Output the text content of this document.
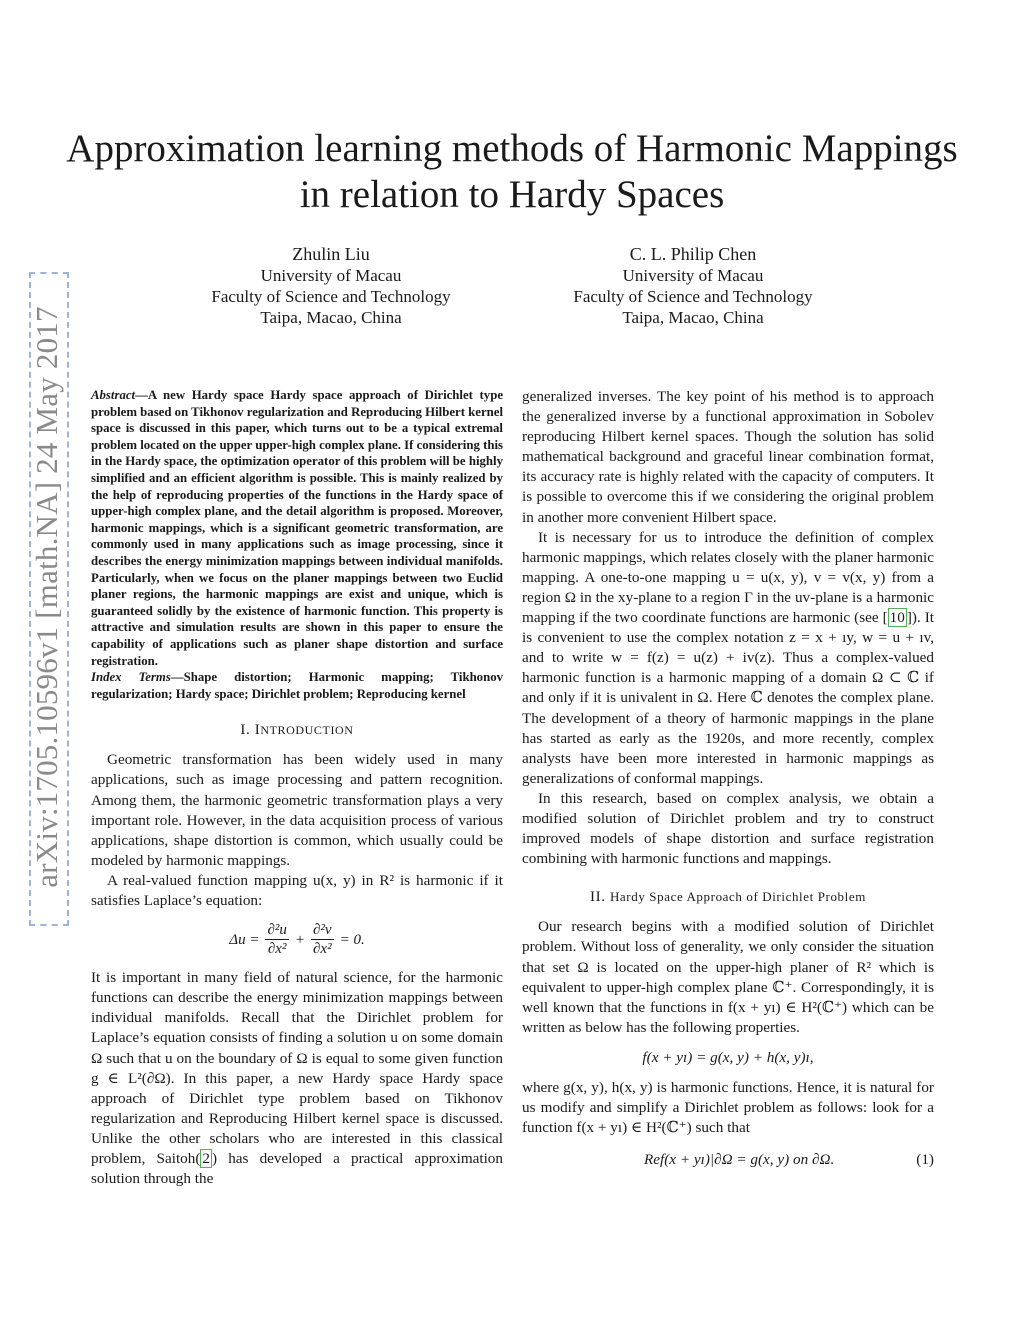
Approximation learning methods of Harmonic Mappings in relation to Hardy Spaces
Zhulin Liu
University of Macau
Faculty of Science and Technology
Taipa, Macao, China
C. L. Philip Chen
University of Macau
Faculty of Science and Technology
Taipa, Macao, China
arXiv:1705.10596v1 [math.NA] 24 May 2017 Abstract—A new Hardy space Hardy space approach of Dirichlet type problem based on Tikhonov regularization and Reproducing Hilbert kernel space is discussed in this paper, which turns out to be a typical extremal problem located on the upper upper-high complex plane. If considering this in the Hardy space, the optimization operator of this problem will be highly simplified and an efficient algorithm is possible. This is mainly realized by the help of reproducing properties of the functions in the Hardy space of upper-high complex plane, and the detail algorithm is proposed. Moreover, harmonic mappings, which is a significant geometric transformation, are commonly used in many applications such as image processing, since it describes the energy minimization mappings between individual manifolds. Particularly, when we focus on the planer mappings between two Euclid planer regions, the harmonic mappings are exist and unique, which is guaranteed solidly by the existence of harmonic function. This property is attractive and simulation results are shown in this paper to ensure the capability of applications such as planer shape distortion and surface registration.
Index Terms—Shape distortion; Harmonic mapping; Tikhonov regularization; Hardy space; Dirichlet problem; Reproducing kernel
I. INTRODUCTION

Geometric transformation has been widely used in many applications, such as image processing and pattern recognition. Among them, the harmonic geometric transformation plays a very important role. However, in the data acquisition process of various applications, shape distortion is common, which usually could be modeled by harmonic mappings.

A real-valued function mapping u(x, y) in R² is harmonic if it satisfies Laplace’s equation:

$\Delta u = \frac{\text{∂²u}}{\text{∂x²}} + \frac{\text{∂²v}}{\text{∂x²}} = 0$.

It is important in many field of natural science, for the harmonic functions can describe the energy minimization mappings between individual manifolds. Recall that the Dirichlet problem for Laplace’s equation consists of finding a solution u on some domain Ω such that u on the boundary of Ω is equal to some given function g ∈ L²(∂Ω). In this paper, a new Hardy space Hardy space approach of Dirichlet type problem based on Tikhonov regularization and Reproducing Hilbert kernel space is discussed. Unlike the other scholars who are interested in this classical problem, Saitoh( 2 ) has developed a practical approximation solution through the

generalized inverses. The key point of his method is to approach the generalized inverse by a functional approximation in Sobolev reproducing Hilbert kernel spaces. Though the solution has solid mathematical background and graceful linear combination format, its accuracy rate is highly related with the capacity of computers. It is possible to overcome this if we considering the original problem in another more convenient Hilbert space.

It is necessary for us to introduce the definition of complex harmonic mappings, which relates closely with the planer harmonic mapping. A one-to-one mapping u = u(x, y), v = v(x, y) from a region Ω in the xy-plane to a region Γ in the uv-plane is a harmonic mapping if the two coordinate functions are harmonic (see [ 10 ]). It is convenient to use the complex notation z = x + ıy, w = u + ıv, and to write w = f(z) = u(z) + iv(z). Thus a complex-valued harmonic function is a harmonic mapping of a domain Ω ⊂ ℂ if and only if it is univalent in Ω. Here ℂ denotes the complex plane. The development of a theory of harmonic mappings in the plane has started as early as the 1920s, and more recently, complex analysts have been more interested in harmonic mappings as generalizations of conformal mappings.

In this research, based on complex analysis, we obtain a modified solution of Dirichlet problem and try to construct improved models of shape distortion and surface registration combining with harmonic functions and mappings.

II. Hardy Space Approach of Dirichlet Problem

Our research begins with a modified solution of Dirichlet problem. Without loss of generality, we only consider the situation that set Ω is located on the upper-high planer of R² which is equivalent to upper-high complex plane ℂ⁺. Correspondingly, it is well known that the functions in f(x + yı) ∈ H²(ℂ⁺) which can be written as below has the following properties.

f(x + yı) = g(x, y) + h(x, y)ı,

where g(x, y), h(x, y) is harmonic functions. Hence, it is natural for us modify and simplify a Dirichlet problem as follows: look for a function f(x + yı) ∈ H²(ℂ⁺) such that

Ref(x + yı)|∂Ω = g(x, y) on ∂Ω.	(1)
